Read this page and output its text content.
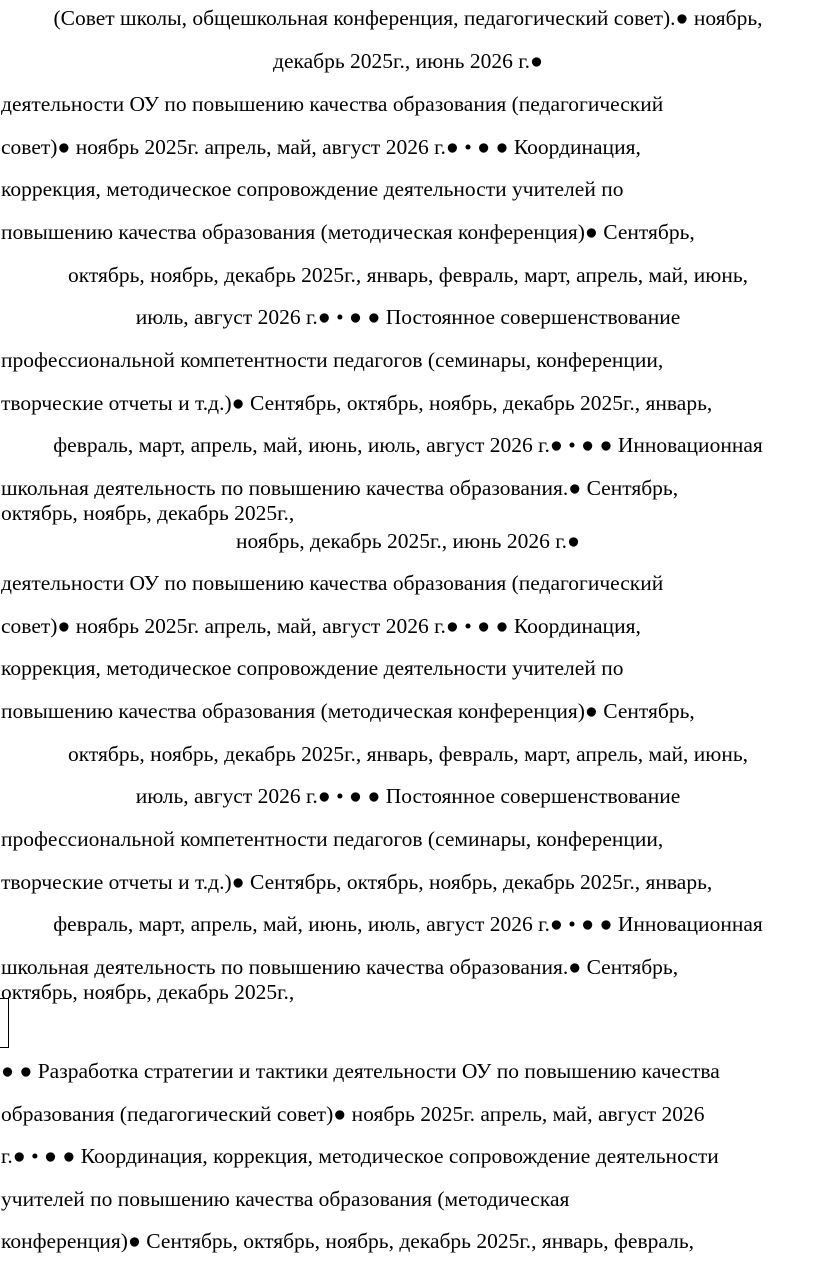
(Совет школы, общешкольная конференция, педагогический совет).● ноябрь,
декабрь 2025г., июнь 2026 г.●
деятельности ОУ по повышению качества образования (педагогический
совет)● ноябрь 2025г. апрель, май, август 2026 г.● • ● ● Координация,
коррекция, методическое сопровождение деятельности учителей по
повышению качества образования (методическая конференция)● Сентябрь,
октябрь, ноябрь, декабрь 2025г., январь, февраль, март, апрель, май, июнь,
июль, август 2026 г.● • ● ● Постоянное совершенствование
профессиональной компетентности педагогов (семинары, конференции,
творческие отчеты и т.д.)● Сентябрь, октябрь, ноябрь, декабрь 2025г., январь,
февраль, март, апрель, май, июнь, июль, август 2026 г.● • ● ● Инновационная
школьная деятельность по повышению качества образования.● Сентябрь,
октябрь, ноябрь, декабрь 2025г.,
ноябрь, декабрь 2025г., июнь 2026 г.●
деятельности ОУ по повышению качества образования (педагогический
совет)● ноябрь 2025г. апрель, май, август 2026 г.● • ● ● Координация,
коррекция, методическое сопровождение деятельности учителей по
повышению качества образования (методическая конференция)● Сентябрь,
октябрь, ноябрь, декабрь 2025г., январь, февраль, март, апрель, май, июнь,
июль, август 2026 г.● • ● ● Постоянное совершенствование
профессиональной компетентности педагогов (семинары, конференции,
творческие отчеты и т.д.)● Сентябрь, октябрь, ноябрь, декабрь 2025г., январь,
февраль, март, апрель, май, июнь, июль, август 2026 г.● • ● ● Инновационная
школьная деятельность по повышению качества образования.● Сентябрь,
октябрь, ноябрь, декабрь 2025г.,
● ● Разработка стратегии и тактики деятельности ОУ по повышению качества
образования (педагогический совет)● ноябрь 2025г. апрель, май, август 2026
г.● • ● ● Координация, коррекция, методическое сопровождение деятельности
учителей по повышению качества образования (методическая
конференция)● Сентябрь, октябрь, ноябрь, декабрь 2025г., январь, февраль,
